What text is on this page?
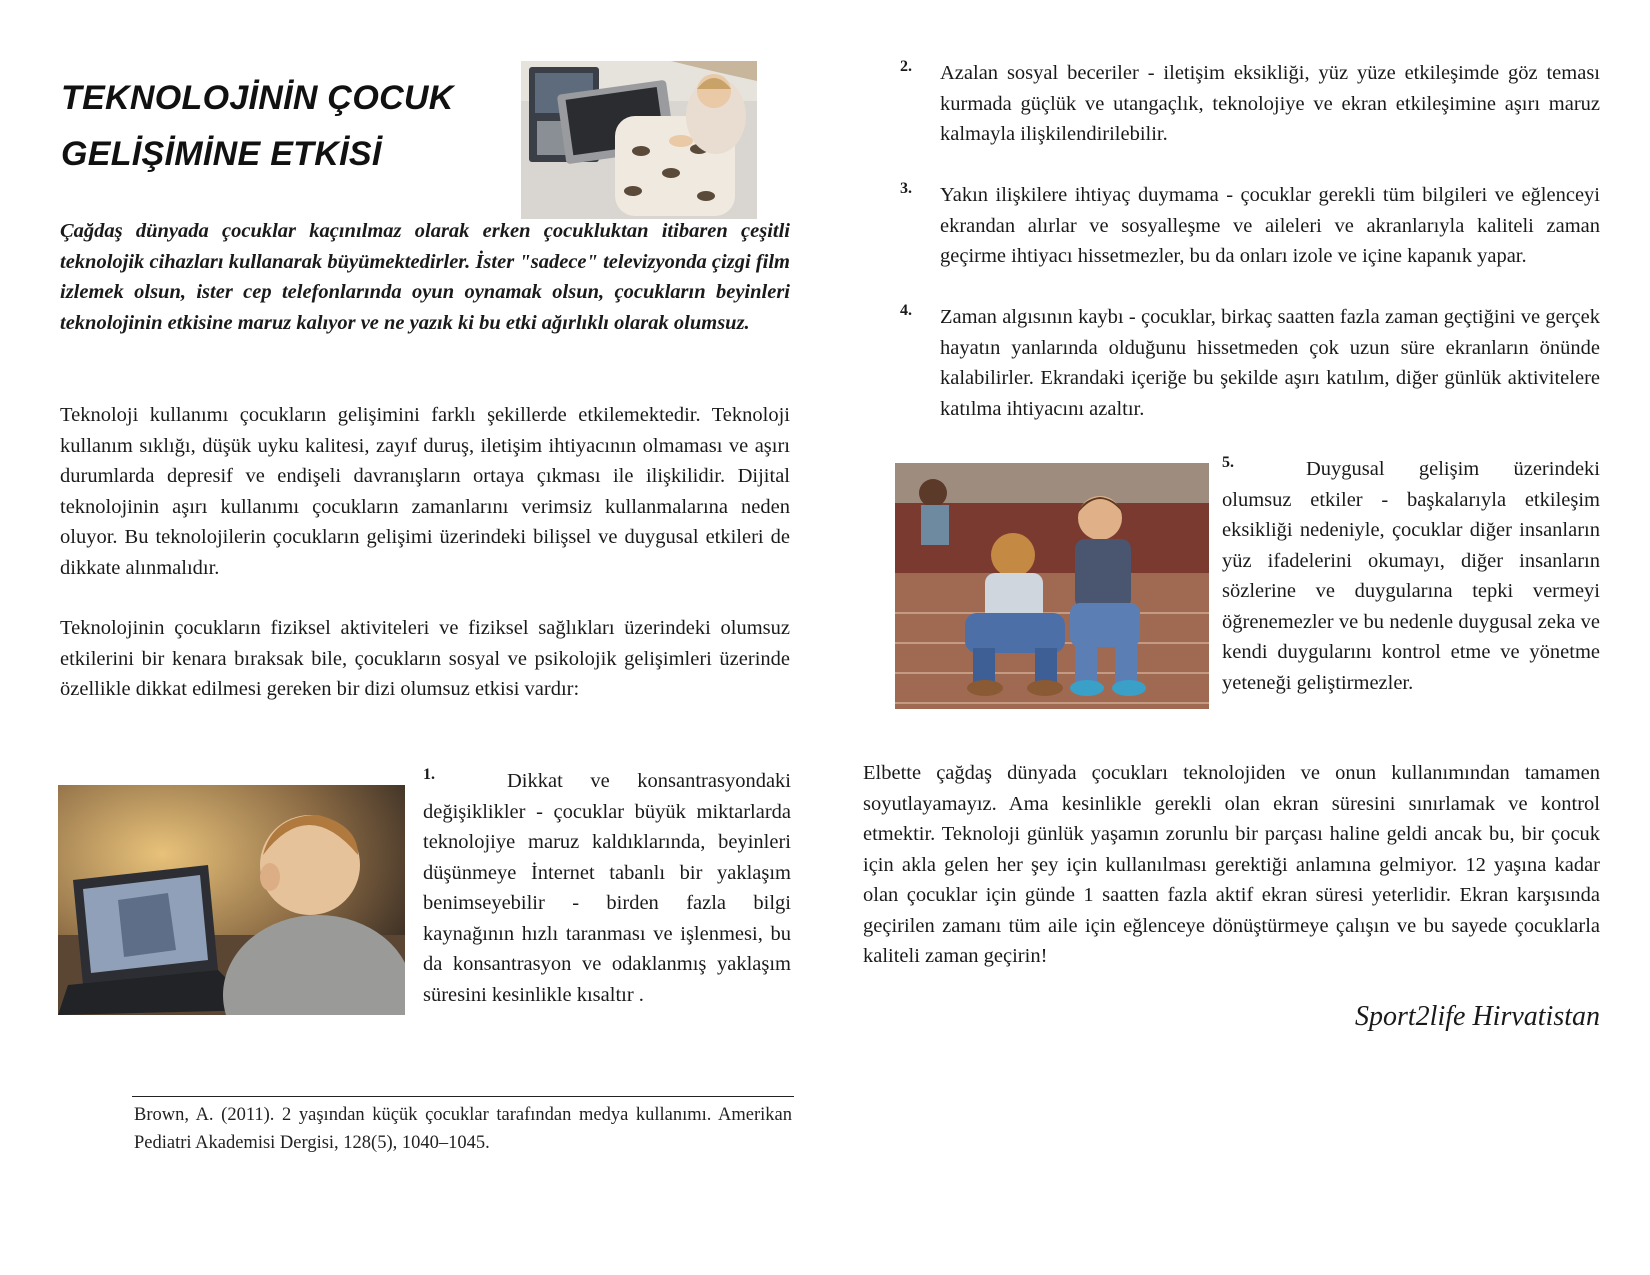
TEKNOLOJİNİN ÇOCUK
GELİŞİMİNE ETKİSİ
Çağdaş dünyada çocuklar kaçınılmaz olarak erken çocukluktan itibaren çeşitli teknolojik cihazları kullanarak büyümektedirler. İster "sadece" televizyonda çizgi film izlemek olsun, ister cep telefonlarında oyun oynamak olsun, çocukların beyinleri teknolojinin etkisine maruz kalıyor ve ne yazık ki bu etki ağırlıklı olarak olumsuz.
Teknoloji kullanımı çocukların gelişimini farklı şekillerde etkilemektedir. Teknoloji kullanım sıklığı, düşük uyku kalitesi, zayıf duruş, iletişim ihtiyacının olmaması ve aşırı durumlarda depresif ve endişeli davranışların ortaya çıkması ile ilişkilidir. Dijital teknolojinin aşırı kullanımı çocukların zamanlarını verimsiz kullanmalarına neden oluyor. Bu teknolojilerin çocukların gelişimi üzerindeki bilişsel ve duygusal etkileri de dikkate alınmalıdır.
Teknolojinin çocukların fiziksel aktiviteleri ve fiziksel sağlıkları üzerindeki olumsuz etkilerini bir kenara bıraksak bile, çocukların sosyal ve psikolojik gelişimleri üzerinde özellikle dikkat edilmesi gereken bir dizi olumsuz etkisi vardır:
1.	Dikkat ve konsantrasyondaki değişiklikler - çocuklar büyük miktarlarda teknolojiye maruz kaldıklarında, beyinleri düşünmeye İnternet tabanlı bir yaklaşım benimseyebilir - birden fazla bilgi kaynağının hızlı taranması ve işlenmesi, bu da konsantrasyon ve odaklanmış yaklaşım süresini kesinlikle kısaltır .
Brown, A. (2011). 2 yaşından küçük çocuklar tarafından medya kullanımı. Amerikan Pediatri Akademisi Dergisi, 128(5), 1040–1045.
2. Azalan sosyal beceriler - iletişim eksikliği, yüz yüze etkileşimde göz teması kurmada güçlük ve utangaçlık, teknolojiye ve ekran etkileşimine aşırı maruz kalmayla ilişkilendirilebilir.
3. Yakın ilişkilere ihtiyaç duymama - çocuklar gerekli tüm bilgileri ve eğlenceyi ekrandan alırlar ve sosyalleşme ve aileleri ve akranlarıyla kaliteli zaman geçirme ihtiyacı hissetmezler, bu da onları izole ve içine kapanık yapar.
4. Zaman algısının kaybı - çocuklar, birkaç saatten fazla zaman geçtiğini ve gerçek hayatın yanlarında olduğunu hissetmeden çok uzun süre ekranların önünde kalabilirler. Ekrandaki içeriğe bu şekilde aşırı katılım, diğer günlük aktivitelere katılma ihtiyacını azaltır.
5.	Duygusal gelişim üzerindeki olumsuz etkiler - başkalarıyla etkileşim eksikliği nedeniyle, çocuklar diğer insanların yüz ifadelerini okumayı, diğer insanların sözlerine ve duygularına tepki vermeyi öğrenemezler ve bu nedenle duygusal zeka ve kendi duygularını kontrol etme ve yönetme yeteneği geliştirmezler.
Elbette çağdaş dünyada çocukları teknolojiden ve onun kullanımından tamamen soyutlayamayız. Ama kesinlikle gerekli olan ekran süresini sınırlamak ve kontrol etmektir. Teknoloji günlük yaşamın zorunlu bir parçası haline geldi ancak bu, bir çocuk için akla gelen her şey için kullanılması gerektiği anlamına gelmiyor. 12 yaşına kadar olan çocuklar için günde 1 saatten fazla aktif ekran süresi yeterlidir. Ekran karşısında geçirilen zamanı tüm aile için eğlenceye dönüştürmeye çalışın ve bu sayede çocuklarla kaliteli zaman geçirin!
Sport2life Hirvatistan
